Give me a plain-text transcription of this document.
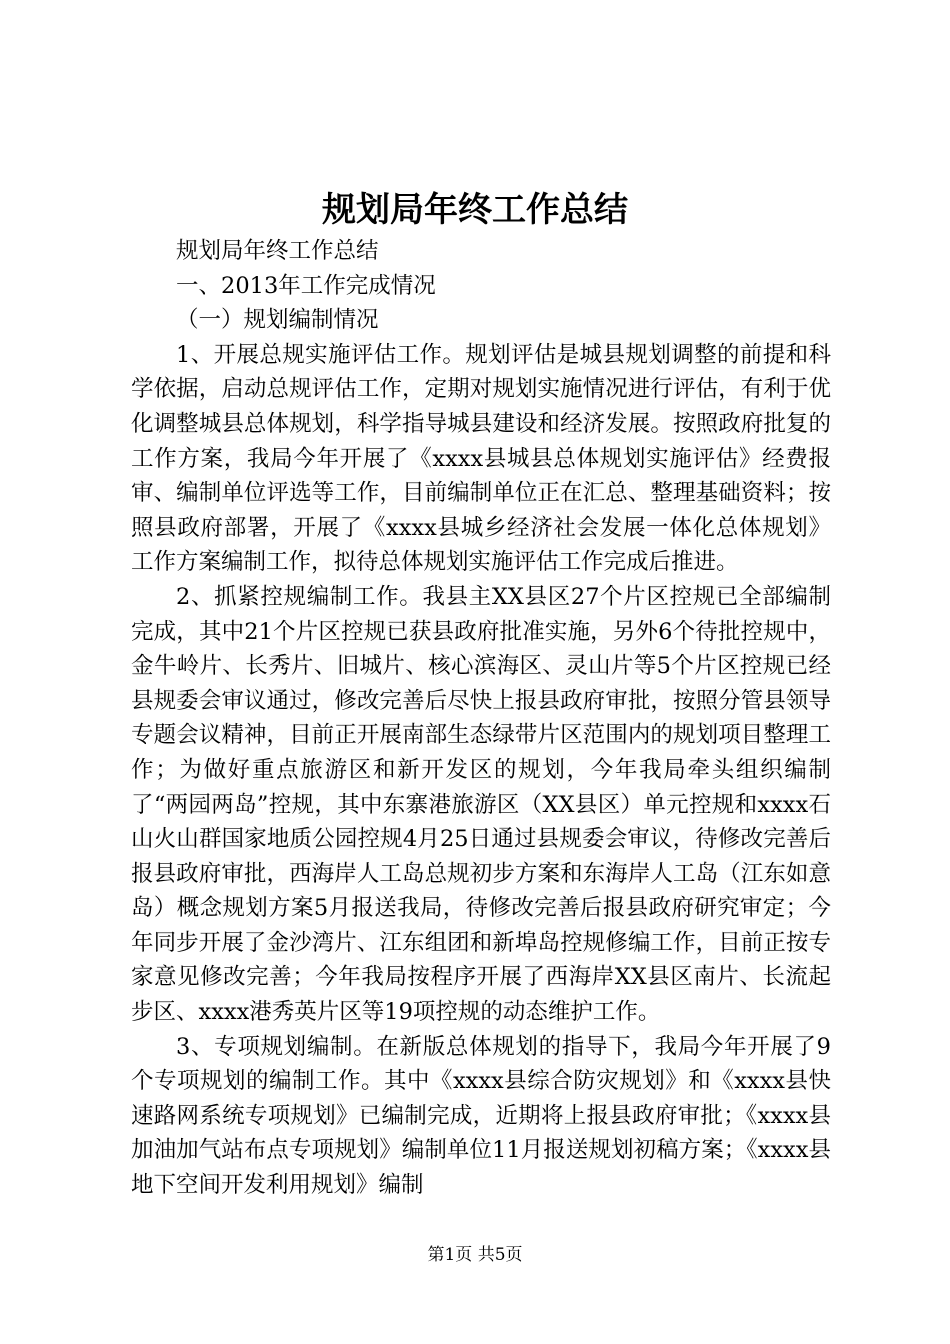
规划局年终工作总结

规划局年终工作总结

一、2013年工作完成情况

（一）规划编制情况

1、开展总规实施评估工作。规划评估是城县规划调整的前提和科学依据，启动总规评估工作，定期对规划实施情况进行评估，有利于优化调整城县总体规划，科学指导城县建设和经济发展。按照政府批复的工作方案，我局今年开展了《xxxx县城县总体规划实施评估》经费报审、编制单位评选等工作，目前编制单位正在汇总、整理基础资料；按照县政府部署，开展了《xxxx县城乡经济社会发展一体化总体规划》工作方案编制工作，拟待总体规划实施评估工作完成后推进。

2、抓紧控规编制工作。我县主XX县区27个片区控规已全部编制完成，其中21个片区控规已获县政府批准实施，另外6个待批控规中，金牛岭片、长秀片、旧城片、核心滨海区、灵山片等5个片区控规已经县规委会审议通过，修改完善后尽快上报县政府审批，按照分管县领导专题会议精神，目前正开展南部生态绿带片区范围内的规划项目整理工作；为做好重点旅游区和新开发区的规划，今年我局牵头组织编制了“两园两岛”控规，其中东寨港旅游区（XX县区）单元控规和xxxx石山火山群国家地质公园控规4月25日通过县规委会审议，待修改完善后报县政府审批，西海岸人工岛总规初步方案和东海岸人工岛（江东如意岛）概念规划方案5月报送我局，待修改完善后报县政府研究审定；今年同步开展了金沙湾片、江东组团和新埠岛控规修编工作，目前正按专家意见修改完善；今年我局按程序开展了西海岸XX县区南片、长流起步区、xxxx港秀英片区等19项控规的动态维护工作。

3、专项规划编制。在新版总体规划的指导下，我局今年开展了9个专项规划的编制工作。其中《xxxx县综合防灾规划》和《xxxx县快速路网系统专项规划》已编制完成，近期将上报县政府审批；《xxxx县加油加气站布点专项规划》编制单位11月报送规划初稿方案；《xxxx县地下空间开发利用规划》编制

第1页 共5页
